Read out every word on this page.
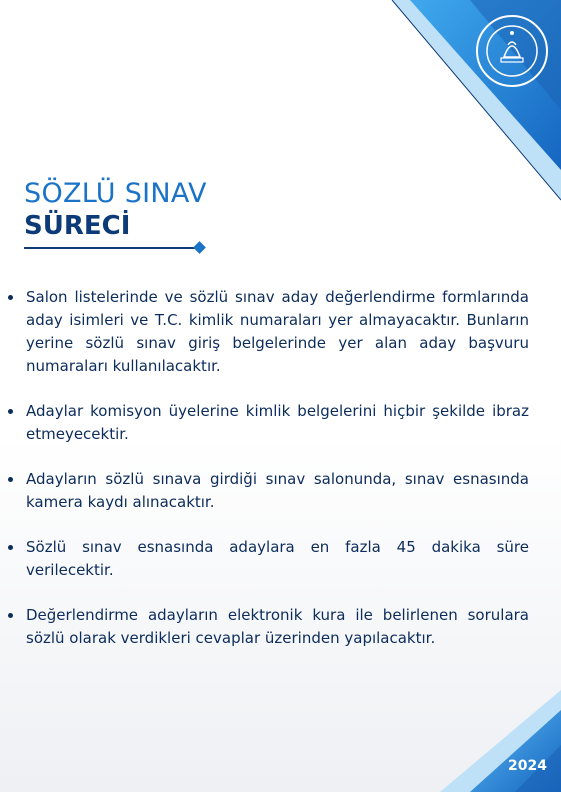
SÖZLÜ SINAV
SÜRECİ
Salon listelerinde ve sözlü sınav aday değerlendirme formlarında aday isimleri ve T.C. kimlik numaraları yer almayacaktır. Bunların yerine sözlü sınav giriş belgelerinde yer alan aday başvuru numaraları kullanılacaktır.
Adaylar komisyon üyelerine kimlik belgelerini hiçbir şekilde ibraz etmeyecektir.
Adayların sözlü sınava girdiği sınav salonunda, sınav esnasında kamera kaydı alınacaktır.
Sözlü sınav esnasında adaylara en fazla 45 dakika süre verilecektir.
Değerlendirme adayların elektronik kura ile belirlenen sorulara sözlü olarak verdikleri cevaplar üzerinden yapılacaktır.
2024
